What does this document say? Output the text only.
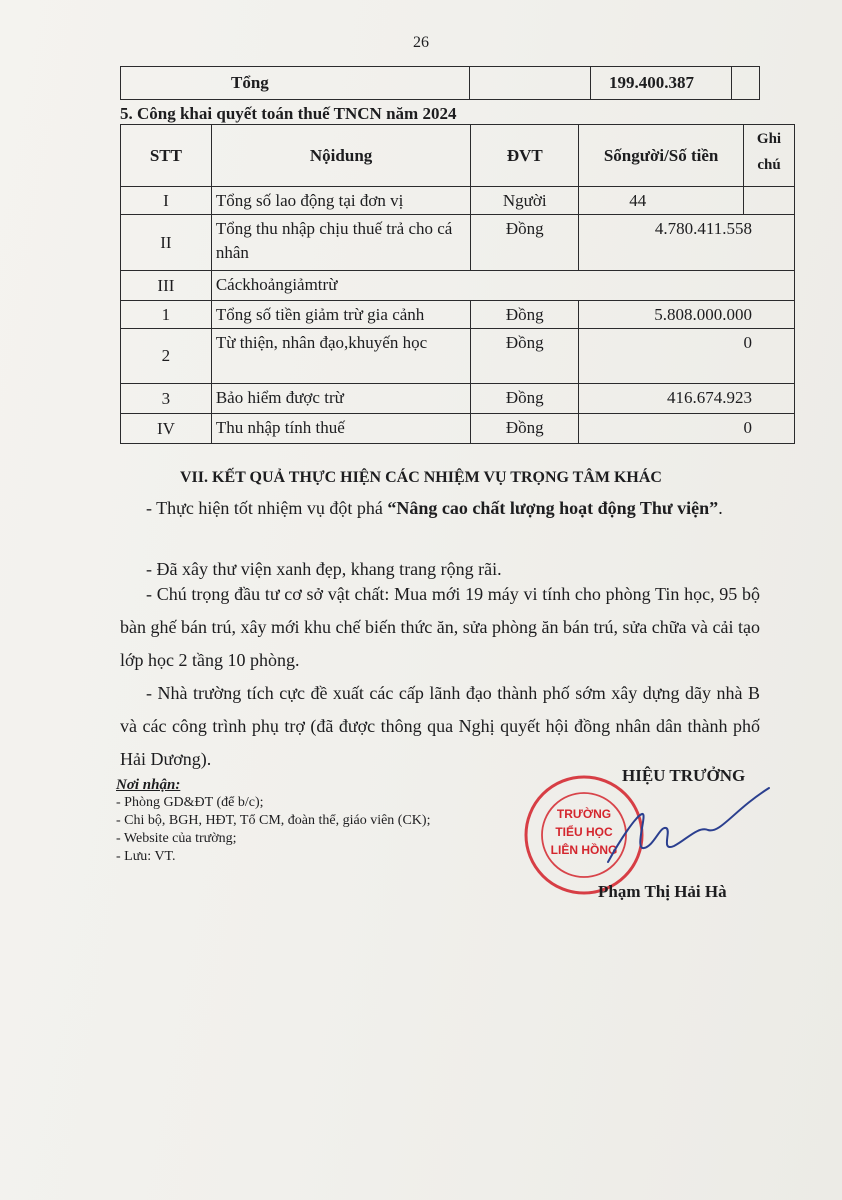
26
Tổng		199.400.387	
5. Công khai quyết toán thuế TNCN năm 2024
STT	Nộidung	ĐVT	Sốngười/Số tiền	Ghi chú
I	Tổng số lao động tại đơn vị	Người	44	
II	Tổng thu nhập chịu thuế trả cho cá nhân	Đồng	4.780.411.558	
III	Cáckhoảngiảmtrừ			
1	Tổng số tiền giảm trừ gia cảnh	Đồng	5.808.000.000	
2	Từ thiện, nhân đạo,khuyến học	Đồng	0	
3	Bảo hiểm được trừ	Đồng	416.674.923	
IV	Thu nhập tính thuế	Đồng	0	
VII. KẾT QUẢ THỰC HIỆN CÁC NHIỆM VỤ TRỌNG TÂM KHÁC
- Thực hiện tốt nhiệm vụ đột phá “Nâng cao chất lượng hoạt động Thư viện”.
- Đã xây thư viện xanh đẹp, khang trang rộng rãi.
- Chú trọng đầu tư cơ sở vật chất: Mua mới 19 máy vi tính cho phòng Tin học, 95 bộ bàn ghế bán trú, xây mới khu chế biến thức ăn, sửa phòng ăn bán trú, sửa chữa và cải tạo lớp học 2 tầng 10 phòng.
- Nhà trường tích cực đề xuất các cấp lãnh đạo thành phố sớm xây dựng dãy nhà B và các công trình phụ trợ (đã được thông qua Nghị quyết hội đồng nhân dân thành phố Hải Dương).
Nơi nhận:
- Phòng GD&ĐT (để b/c);
- Chi bộ, BGH, HĐT, Tổ CM, đoàn thể, giáo viên (CK);
- Website của trường;
- Lưu: VT.
HIỆU TRƯỞNG
TRƯỜNG
TIỂU HỌC
LIÊN HỒNG
Phạm Thị Hải Hà
